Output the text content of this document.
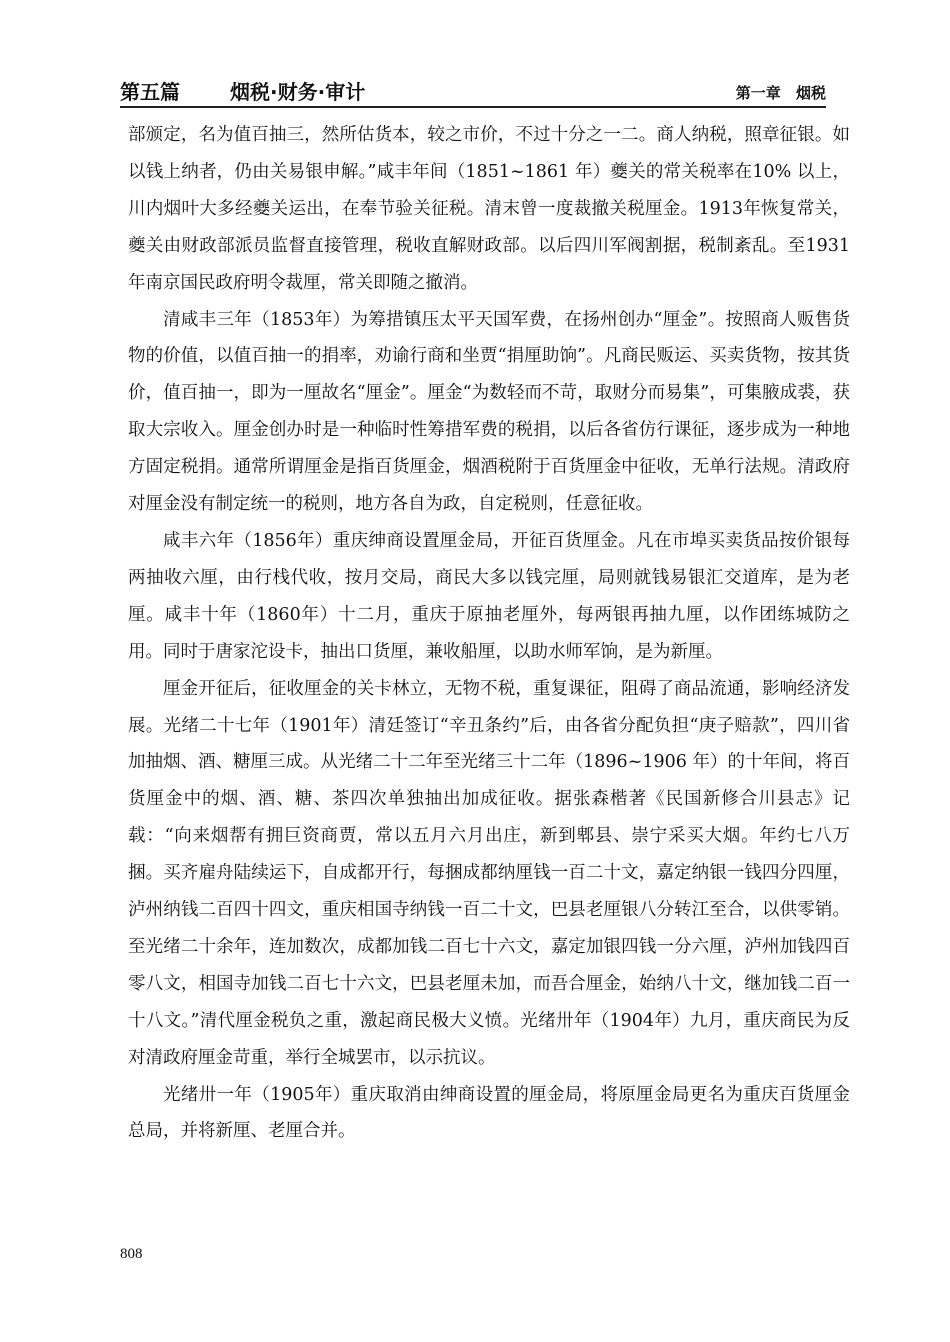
第五篇	烟税·财务·审计	第一章 烟税

部颁定，名为值百抽三，然所估货本，较之市价，不过十分之一二。商人纳税，照章征银。如以钱上纳者，仍由关易银申解。”咸丰年间（1851~1861 年）夔关的常关税率在10% 以上，川内烟叶大多经夔关运出，在奉节验关征税。清末曾一度裁撤关税厘金。1913年恢复常关，夔关由财政部派员监督直接管理，税收直解财政部。以后四川军阀割据，税制紊乱。至1931年南京国民政府明令裁厘，常关即随之撤消。

清咸丰三年（1853年）为筹措镇压太平天国军费，在扬州创办“厘金”。按照商人贩售货物的价值，以值百抽一的捐率，劝谕行商和坐贾“捐厘助饷”。凡商民贩运、买卖货物，按其货价，值百抽一，即为一厘故名“厘金”。厘金“为数轻而不苛，取财分而易集”，可集腋成裘，获取大宗收入。厘金创办时是一种临时性筹措军费的税捐，以后各省仿行课征，逐步成为一种地方固定税捐。通常所谓厘金是指百货厘金，烟酒税附于百货厘金中征收，无单行法规。清政府对厘金没有制定统一的税则，地方各自为政，自定税则，任意征收。

咸丰六年（1856年）重庆绅商设置厘金局，开征百货厘金。凡在市埠买卖货品按价银每两抽收六厘，由行栈代收，按月交局，商民大多以钱完厘，局则就钱易银汇交道库，是为老厘。咸丰十年（1860年）十二月，重庆于原抽老厘外，每两银再抽九厘，以作团练城防之用。同时于唐家沱设卡，抽出口货厘，兼收船厘，以助水师军饷，是为新厘。

厘金开征后，征收厘金的关卡林立，无物不税，重复课征，阻碍了商品流通，影响经济发展。光绪二十七年（1901年）清廷签订“辛丑条约”后，由各省分配负担“庚子赔款”，四川省加抽烟、酒、糖厘三成。从光绪二十二年至光绪三十二年（1896~1906 年）的十年间，将百货厘金中的烟、酒、糖、茶四次单独抽出加成征收。据张森楷著《民国新修合川县志》记载：“向来烟帮有拥巨资商贾，常以五月六月出庄，新到郫县、崇宁采买大烟。年约七八万捆。买齐雇舟陆续运下，自成都开行，每捆成都纳厘钱一百二十文，嘉定纳银一钱四分四厘，泸州纳钱二百四十四文，重庆相国寺纳钱一百二十文，巴县老厘银八分转江至合，以供零销。至光绪二十余年，连加数次，成都加钱二百七十六文，嘉定加银四钱一分六厘，泸州加钱四百零八文，相国寺加钱二百七十六文，巴县老厘未加，而吾合厘金，始纳八十文，继加钱二百一十八文。”清代厘金税负之重，激起商民极大义愤。光绪卅年（1904年）九月，重庆商民为反对清政府厘金苛重，举行全城罢市，以示抗议。

光绪卅一年（1905年）重庆取消由绅商设置的厘金局，将原厘金局更名为重庆百货厘金总局，并将新厘、老厘合并。

808
